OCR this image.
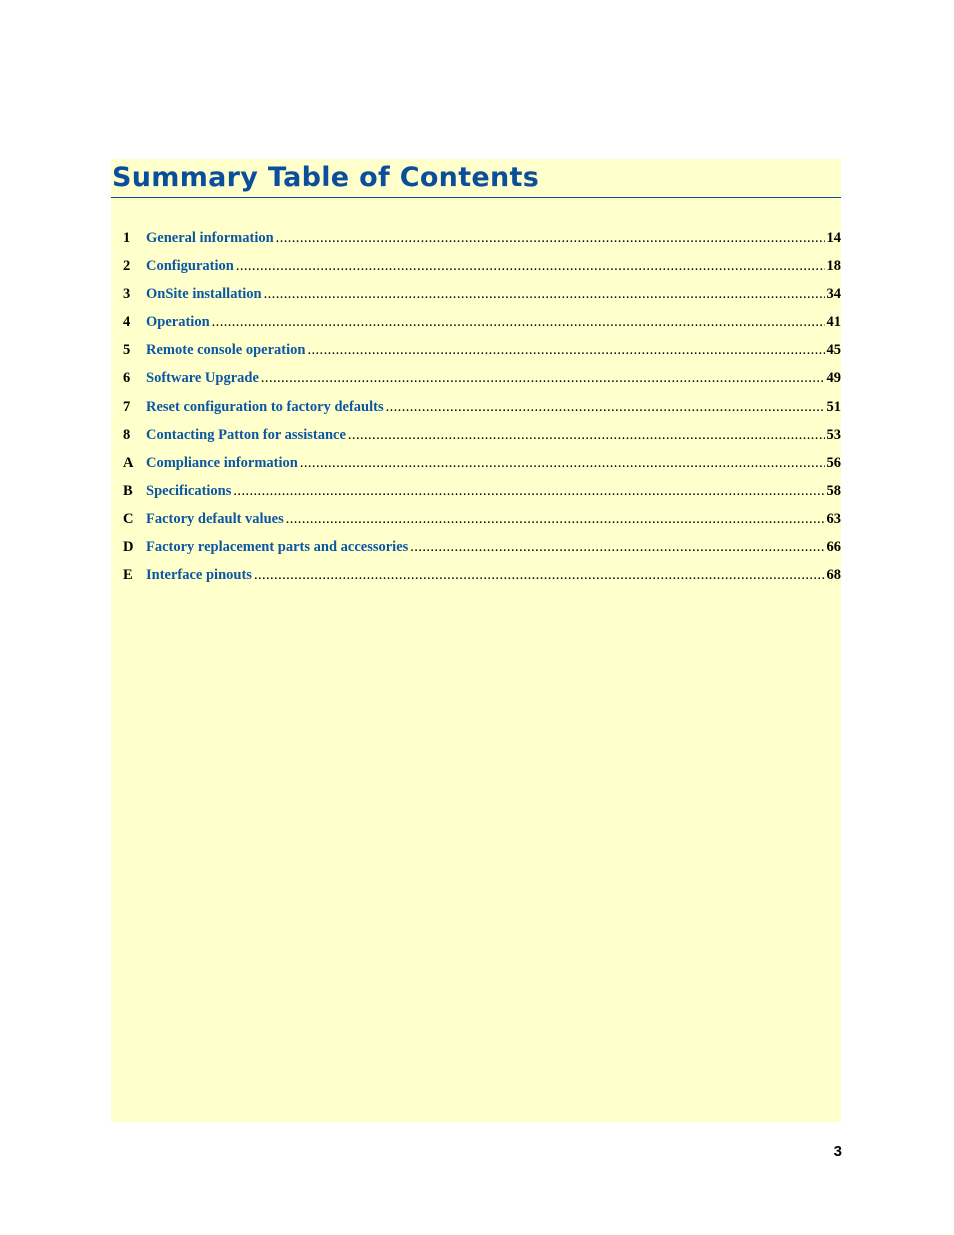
Summary Table of Contents
1	General information .....	14
2	Configuration .....	18
3	OnSite installation .....	34
4	Operation .....	41
5	Remote console operation .....	45
6	Software Upgrade .....	49
7	Reset configuration to factory defaults .....	51
8	Contacting Patton for assistance .....	53
A Compliance information .....	56
B Specifications .....	58
C Factory default values .....	63
D Factory replacement parts and accessories .....	66
E Interface pinouts .....	68
3
